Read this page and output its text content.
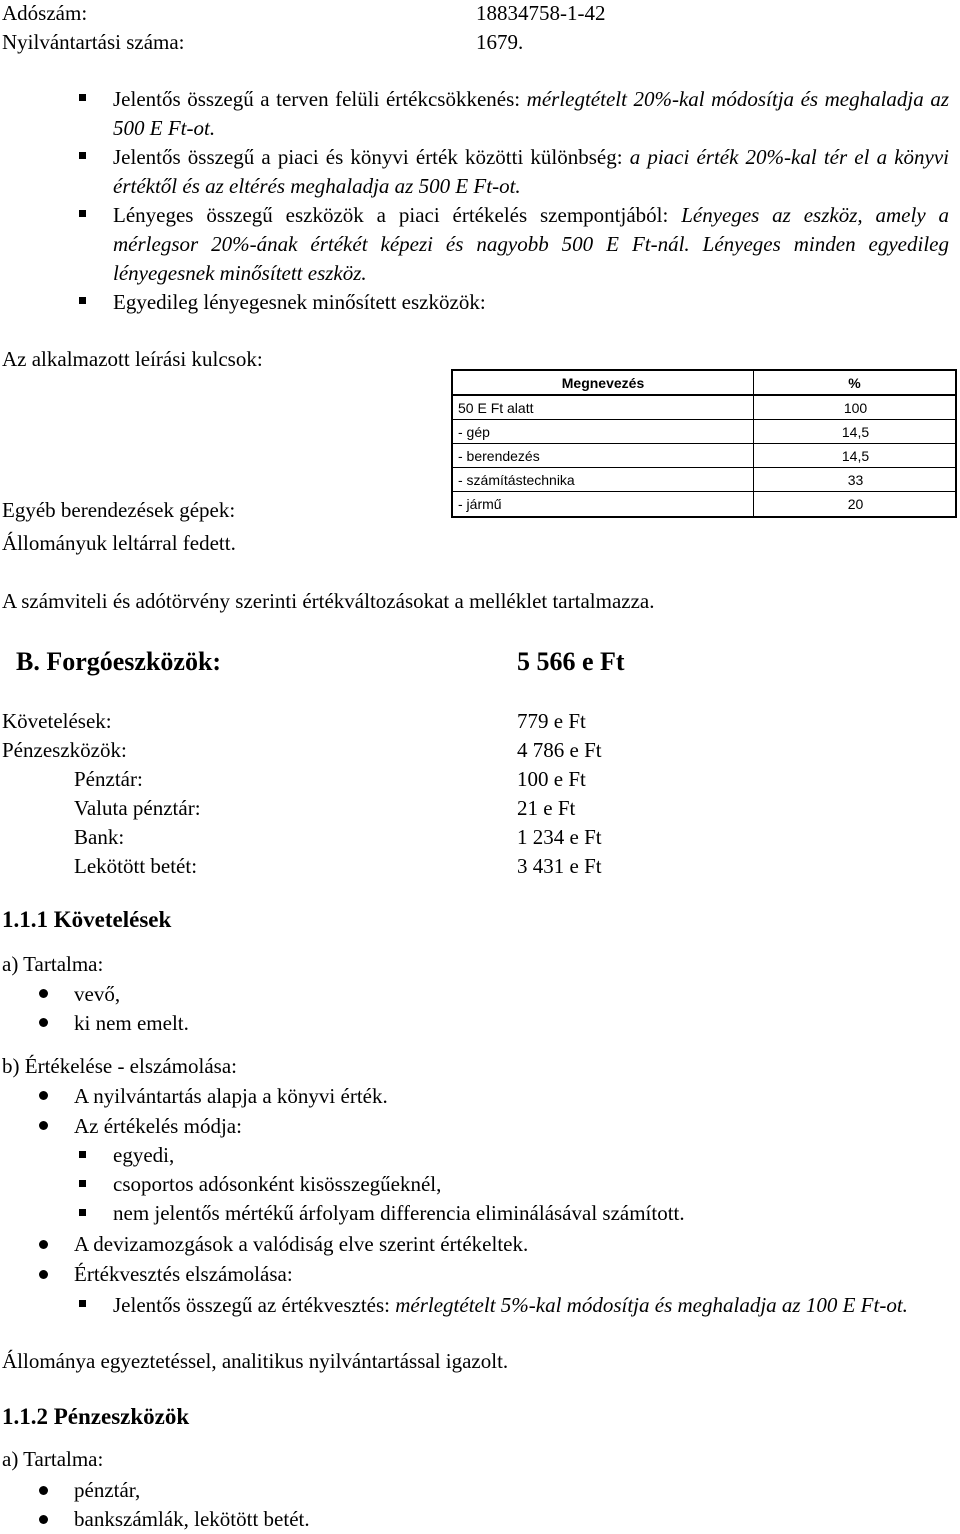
Adószám:	18834758-1-42
Nyilvántartási száma:	1679.
Jelentős összegű a terven felüli értékcsökkenés: mérlegtételt 20%-kal módosítja és meghaladja az 500 E Ft-ot.
Jelentős összegű a piaci és könyvi érték közötti különbség: a piaci érték 20%-kal tér el a könyvi értéktől és az eltérés meghaladja az 500 E Ft-ot.
Lényeges összegű eszközök a piaci értékelés szempontjából: Lényeges az eszköz, amely a mérlegsor 20%-ának értékét képezi és nagyobb 500 E Ft-nál. Lényeges minden egyedileg lényegesnek minősített eszköz.
Egyedileg lényegesnek minősített eszközök:
Az alkalmazott leírási kulcsok:
Megnevezés	%
50 E Ft alatt	100
- gép	14,5
- berendezés	14,5
- számítástechnika	33
- jármű	20
Egyéb berendezések gépek:
Állományuk leltárral fedett.
A számviteli és adótörvény szerinti értékváltozásokat a melléklet tartalmazza.
B. Forgóeszközök:	5 566 e Ft
Követelések:	779 e Ft
Pénzeszközök:	4 786 e Ft
Pénztár:	100 e Ft
Valuta pénztár:	21 e Ft
Bank:	1 234 e Ft
Lekötött betét:	3 431 e Ft
1.1.1 Követelések
a) Tartalma:
vevő,
ki nem emelt.
b) Értékelése - elszámolása:
A nyilvántartás alapja a könyvi érték.
Az értékelés módja:
egyedi,
csoportos adósonként kisösszegűeknél,
nem jelentős mértékű árfolyam differencia eliminálásával számított.
A devizamozgások a valódiság elve szerint értékeltek.
Értékvesztés elszámolása:
Jelentős összegű az értékvesztés: mérlegtételt 5%-kal módosítja és meghaladja az 100 E Ft-ot.
Állománya egyeztetéssel, analitikus nyilvántartással igazolt.
1.1.2 Pénzeszközök
a) Tartalma:
pénztár,
bankszámlák, lekötött betét.
